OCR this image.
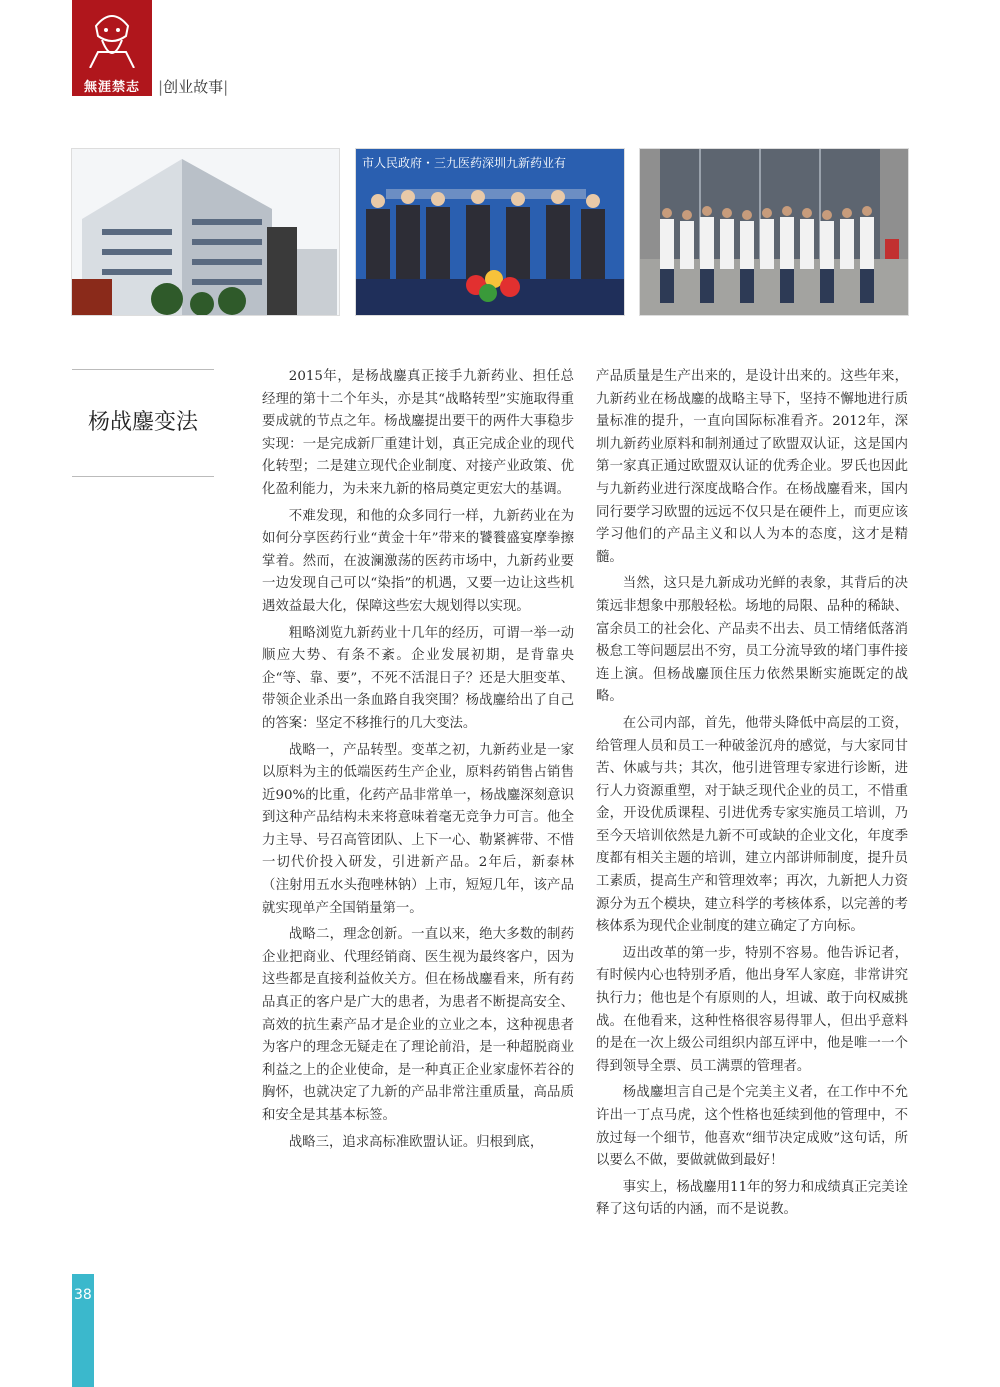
無涯禁志	|创业故事|
市人民政府・三九医药深圳九新药业有
杨战鏖变法

2015年，是杨战鏖真正接手九新药业、担任总经理的第十二个年头，亦是其“战略转型”实施取得重要成就的节点之年。杨战鏖提出要干的两件大事稳步实现：一是完成新厂重建计划，真正完成企业的现代化转型；二是建立现代企业制度、对接产业政策、优化盈利能力，为未来九新的格局奠定更宏大的基调。

不难发现，和他的众多同行一样，九新药业在为如何分享医药行业“黄金十年”带来的饕餮盛宴摩拳擦掌着。然而，在波澜激荡的医药市场中，九新药业要一边发现自己可以“染指”的机遇，又要一边让这些机遇效益最大化，保障这些宏大规划得以实现。

粗略浏览九新药业十几年的经历，可谓一举一动顺应大势、有条不紊。企业发展初期，是背靠央企“等、靠、要”，不死不活混日子？还是大胆变革、带领企业杀出一条血路自我突围？杨战鏖给出了自己的答案：坚定不移推行的几大变法。

战略一，产品转型。变革之初，九新药业是一家以原料为主的低端医药生产企业，原料药销售占销售近90%的比重，化药产品非常单一，杨战鏖深刻意识到这种产品结构未来将意味着毫无竞争力可言。他全力主导、号召高管团队、上下一心、勒紧裤带、不惜一切代价投入研发，引进新产品。2年后，新泰林（注射用五水头孢唑林钠）上市，短短几年，该产品就实现单产全国销量第一。

战略二，理念创新。一直以来，绝大多数的制药企业把商业、代理经销商、医生视为最终客户，因为这些都是直接利益攸关方。但在杨战鏖看来，所有药品真正的客户是广大的患者，为患者不断提高安全、高效的抗生素产品才是企业的立业之本，这种视患者为客户的理念无疑走在了理论前沿，是一种超脱商业利益之上的企业使命，是一种真正企业家虚怀若谷的胸怀，也就决定了九新的产品非常注重质量，高品质和安全是其基本标签。

战略三，追求高标准欧盟认证。归根到底，

产品质量是生产出来的，是设计出来的。这些年来，九新药业在杨战鏖的战略主导下，坚持不懈地进行质量标准的提升，一直向国际标准看齐。2012年，深圳九新药业原料和制剂通过了欧盟双认证，这是国内第一家真正通过欧盟双认证的优秀企业。罗氏也因此与九新药业进行深度战略合作。在杨战鏖看来，国内同行要学习欧盟的远远不仅只是在硬件上，而更应该学习他们的产品主义和以人为本的态度，这才是精髓。

当然，这只是九新成功光鲜的表象，其背后的决策远非想象中那般轻松。场地的局限、品种的稀缺、富余员工的社会化、产品卖不出去、员工情绪低落消极怠工等问题层出不穷，员工分流导致的堵门事件接连上演。但杨战鏖顶住压力依然果断实施既定的战略。

在公司内部，首先，他带头降低中高层的工资，给管理人员和员工一种破釜沉舟的感觉，与大家同甘苦、休戚与共；其次，他引进管理专家进行诊断，进行人力资源重塑，对于缺乏现代企业的员工，不惜重金，开设优质课程、引进优秀专家实施员工培训，乃至今天培训依然是九新不可或缺的企业文化，年度季度都有相关主题的培训，建立内部讲师制度，提升员工素质，提高生产和管理效率；再次，九新把人力资源分为五个模块，建立科学的考核体系，以完善的考核体系为现代企业制度的建立确定了方向标。

迈出改革的第一步，特别不容易。他告诉记者，有时候内心也特别矛盾，他出身军人家庭，非常讲究执行力；他也是个有原则的人，坦诚、敢于向权威挑战。在他看来，这种性格很容易得罪人，但出乎意料的是在一次上级公司组织内部互评中，他是唯一一个得到领导全票、员工满票的管理者。

杨战鏖坦言自己是个完美主义者，在工作中不允许出一丁点马虎，这个性格也延续到他的管理中，不放过每一个细节，他喜欢“细节决定成败”这句话，所以要么不做，要做就做到最好！

事实上，杨战鏖用11年的努力和成绩真正完美诠释了这句话的内涵，而不是说教。

38
